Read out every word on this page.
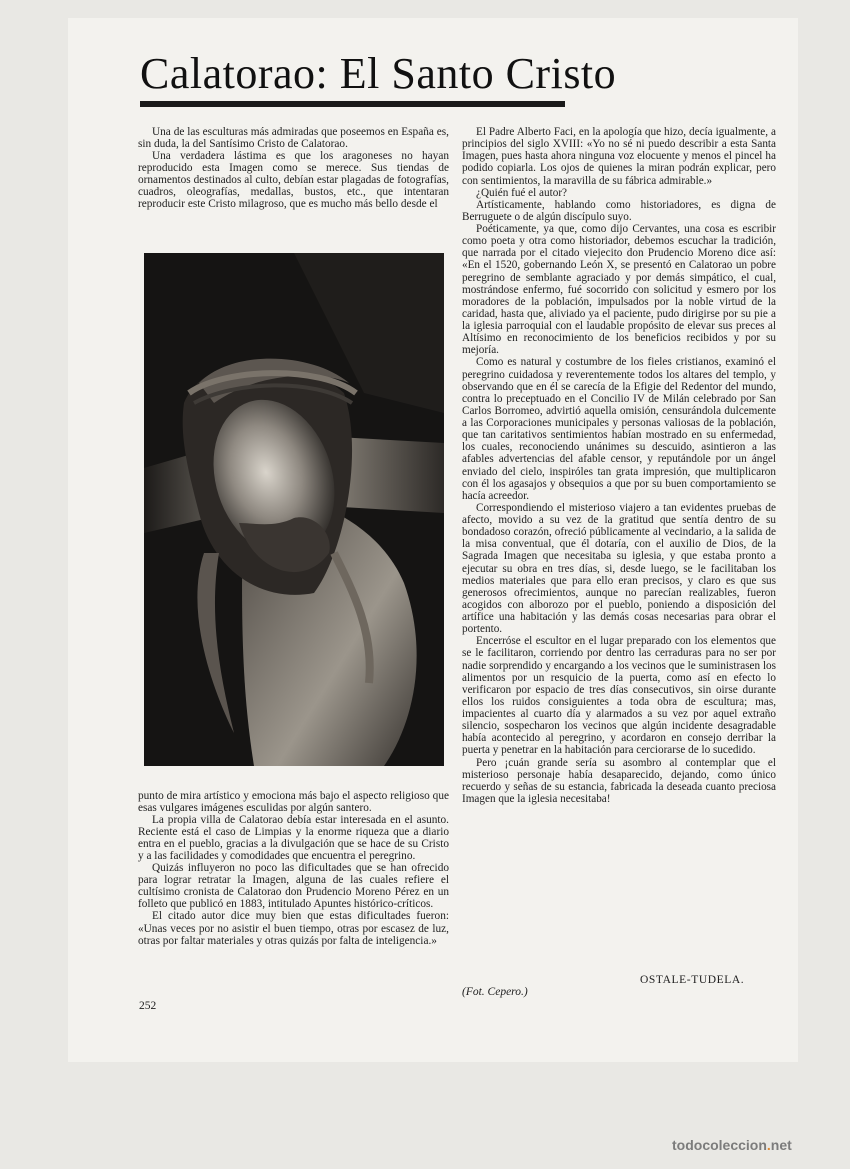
Calatorao: El Santo Cristo

Una de las esculturas más admiradas que poseemos en España es, sin duda, la del Santísimo Cristo de Calatorao.

Una verdadera lástima es que los aragoneses no hayan reproducido esta Imagen como se merece. Sus tiendas de ornamentos destinados al culto, debían estar plagadas de fotografías, cuadros, oleografías, medallas, bustos, etc., que intentaran reproducir este Cristo milagroso, que es mucho más bello desde el

punto de mira artístico y emociona más bajo el aspecto religioso que esas vulgares imágenes esculidas por algún santero.

La propia villa de Calatorao debía estar interesada en el asunto. Reciente está el caso de Limpias y la enorme riqueza que a diario entra en el pueblo, gracias a la divulgación que se hace de su Cristo y a las facilidades y comodidades que encuentra el peregrino.

Quizás influyeron no poco las dificultades que se han ofrecido para lograr retratar la Imagen, alguna de las cuales refiere el cultísimo cronista de Calatorao don Prudencio Moreno Pérez en un folleto que publicó en 1883, intitulado Apuntes histórico-críticos.

El citado autor dice muy bien que estas dificultades fueron: «Unas veces por no asistir el buen tiempo, otras por escasez de luz, otras por faltar materiales y otras quizás por falta de inteligencia.»

El Padre Alberto Faci, en la apología que hizo, decía igualmente, a principios del siglo XVIII: «Yo no sé ni puedo describir a esta Santa Imagen, pues hasta ahora ninguna voz elocuente y menos el pincel ha podido copiarla. Los ojos de quienes la miran podrán explicar, pero con sentimientos, la maravilla de su fábrica admirable.»

¿Quién fué el autor?

Artísticamente, hablando como historiadores, es digna de Berruguete o de algún discípulo suyo.

Poéticamente, ya que, como dijo Cervantes, una cosa es escribir como poeta y otra como historiador, debemos escuchar la tradición, que narrada por el citado viejecito don Prudencio Moreno dice así: «En el 1520, gobernando León X, se presentó en Calatorao un pobre peregrino de semblante agraciado y por demás simpático, el cual, mostrándose enfermo, fué socorrido con solicitud y esmero por los moradores de la población, impulsados por la noble virtud de la caridad, hasta que, aliviado ya el paciente, pudo dirigirse por su pie a la iglesia parroquial con el laudable propósito de elevar sus preces al Altísimo en reconocimiento de los beneficios recibidos y por su mejoría.

Como es natural y costumbre de los fieles cristianos, examinó el peregrino cuidadosa y reverentemente todos los altares del templo, y observando que en él se carecía de la Efigie del Redentor del mundo, contra lo preceptuado en el Concilio IV de Milán celebrado por San Carlos Borromeo, advirtió aquella omisión, censurándola dulcemente a las Corporaciones municipales y personas valiosas de la población, que tan caritativos sentimientos habían mostrado en su enfermedad, los cuales, reconociendo unánimes su descuido, asintieron a las afables advertencias del afable censor, y reputándole por un ángel enviado del cielo, inspiróles tan grata impresión, que multiplicaron con él los agasajos y obsequios a que por su buen comportamiento se hacía acreedor.

Correspondiendo el misterioso viajero a tan evidentes pruebas de afecto, movido a su vez de la gratitud que sentía dentro de su bondadoso corazón, ofreció públicamente al vecindario, a la salida de la misa conventual, que él dotaría, con el auxilio de Dios, de la Sagrada Imagen que necesitaba su iglesia, y que estaba pronto a ejecutar su obra en tres días, si, desde luego, se le facilitaban los medios materiales que para ello eran precisos, y claro es que sus generosos ofrecimientos, aunque no parecían realizables, fueron acogidos con alborozo por el pueblo, poniendo a disposición del artífice una habitación y las demás cosas necesarias para obrar el portento.

Encerróse el escultor en el lugar preparado con los elementos que se le facilitaron, corriendo por dentro las cerraduras para no ser por nadie sorprendido y encargando a los vecinos que le suministrasen los alimentos por un resquicio de la puerta, como así en efecto lo verificaron por espacio de tres días consecutivos, sin oirse durante ellos los ruidos consiguientes a toda obra de escultura; mas, impacientes al cuarto día y alarmados a su vez por aquel extraño silencio, sospecharon los vecinos que algún incidente desagradable había acontecido al peregrino, y acordaron en consejo derribar la puerta y penetrar en la habitación para cerciorarse de lo sucedido.

Pero ¡cuán grande sería su asombro al contemplar que el misterioso personaje había desaparecido, dejando, como único recuerdo y señas de su estancia, fabricada la deseada cuanto preciosa Imagen que la iglesia necesitaba!

OSTALE-TUDELA.
(Fot. Cepero.)
252
todocoleccion.net
